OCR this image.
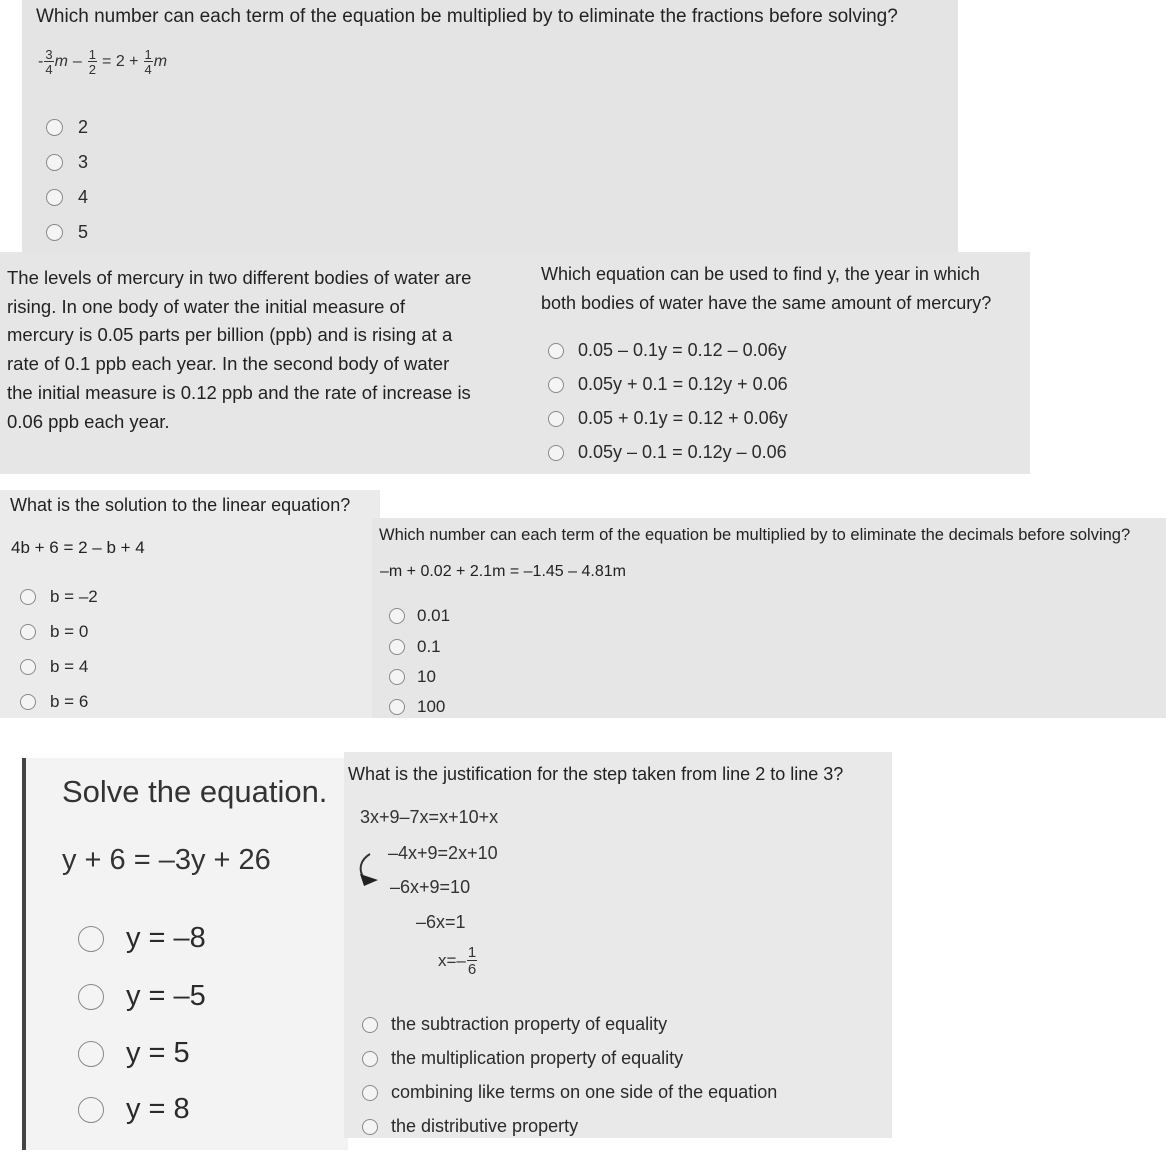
Which number can each term of the equation be multiplied by to eliminate the fractions before solving?
- $\frac{3}{4}$ $m - \frac{1}{2} = 2 + \frac{1}{4}$ m
2
3
4
5
The levels of mercury in two different bodies of water are
rising. In one body of water the initial measure of
mercury is 0.05 parts per billion (ppb) and is rising at a
rate of 0.1 ppb each year. In the second body of water
the initial measure is 0.12 ppb and the rate of increase is
0.06 ppb each year.
Which equation can be used to find y, the year in which
both bodies of water have the same amount of mercury?
0.05 – 0.1y = 0.12 – 0.06y
0.05y + 0.1 = 0.12y + 0.06
0.05 + 0.1y = 0.12 + 0.06y
0.05y – 0.1 = 0.12y – 0.06
What is the solution to the linear equation?
4b + 6 = 2 – b + 4
b = –2
b = 0
b = 4
b = 6
Which number can each term of the equation be multiplied by to eliminate the decimals before solving?
–m + 0.02 + 2.1m = –1.45 – 4.81m
0.01
0.1
10
100
Solve the equation.
y + 6 = –3y + 26
y = –8
y = –5
y = 5
y = 8
What is the justification for the step taken from line 2 to line 3?
3x+9–7x=x+10+x
–4x+9=2x+10
–6x+9=10
–6x=1
$x=- \frac{1}{6}$
the subtraction property of equality
the multiplication property of equality
combining like terms on one side of the equation
the distributive property
